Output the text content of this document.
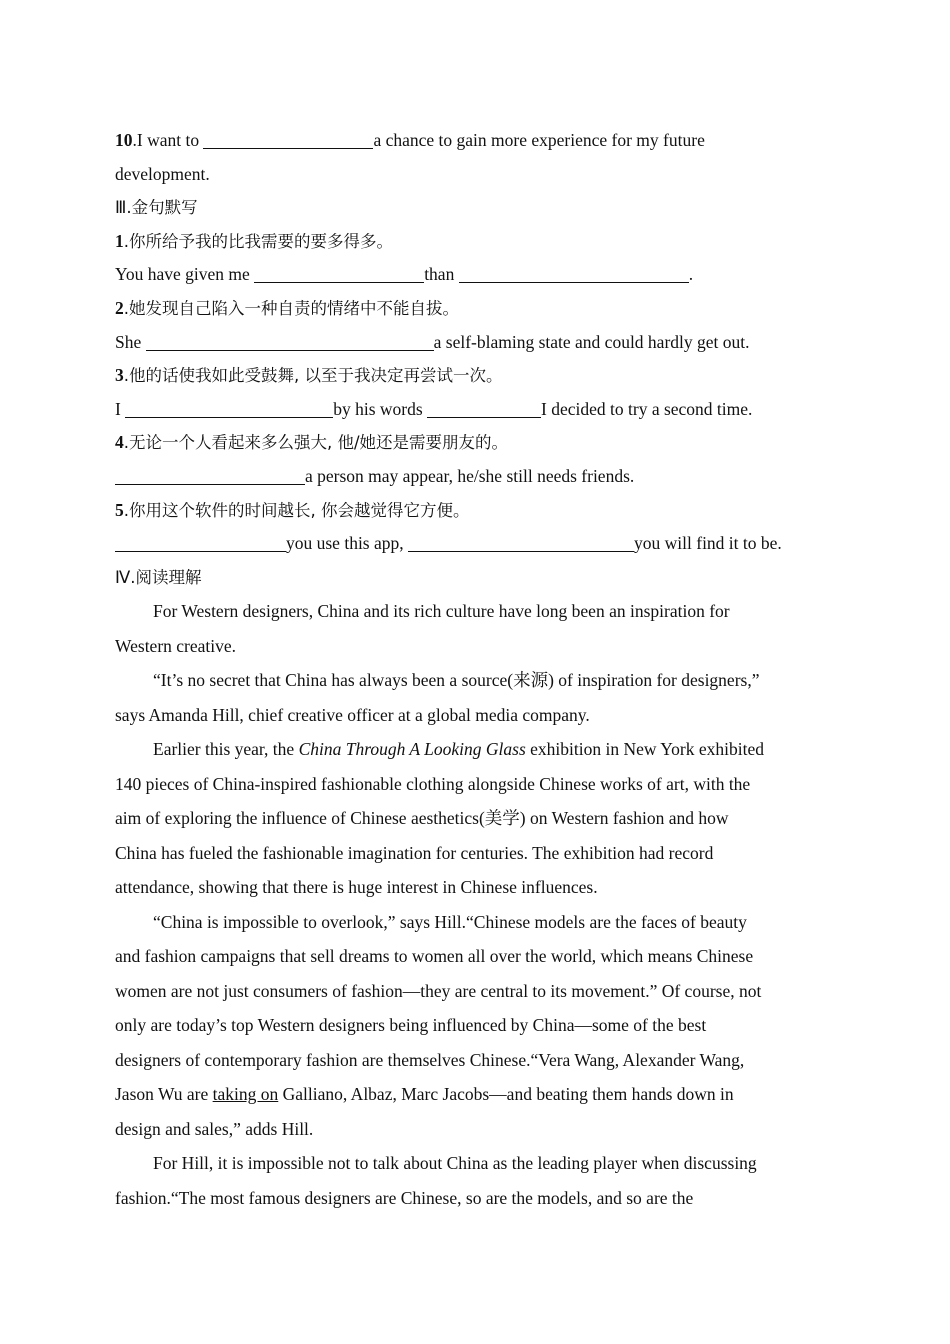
10.I want to	a chance to gain more experience for my future
development.
Ⅲ.金句默写
1.你所给予我的比我需要的要多得多。
You have given me	than	.
2.她发现自己陷入一种自责的情绪中不能自拔。
She	a self-blaming state and could hardly get out.
3.他的话使我如此受鼓舞, 以至于我决定再尝试一次。
I	by his words	I decided to try a second time.
4.无论一个人看起来多么强大, 他/她还是需要朋友的。
a person may appear, he/she still needs friends.
5.你用这个软件的时间越长, 你会越觉得它方便。
you use this app,	you will find it to be.
Ⅳ.阅读理解
For Western designers, China and its rich culture have long been an inspiration for
Western creative.
“It’s no secret that China has always been a source(来源) of inspiration for designers,”
says Amanda Hill, chief creative officer at a global media company.
Earlier this year, the China Through A Looking Glass exhibition in New York exhibited
140 pieces of China-inspired fashionable clothing alongside Chinese works of art, with the
aim of exploring the influence of Chinese aesthetics(美学) on Western fashion and how
China has fueled the fashionable imagination for centuries. The exhibition had record
attendance, showing that there is huge interest in Chinese influences.
“China is impossible to overlook,” says Hill.“Chinese models are the faces of beauty
and fashion campaigns that sell dreams to women all over the world, which means Chinese
women are not just consumers of fashion—they are central to its movement.” Of course, not
only are today’s top Western designers being influenced by China—some of the best
designers of contemporary fashion are themselves Chinese.“Vera Wang, Alexander Wang,
Jason Wu are taking on Galliano, Albaz, Marc Jacobs—and beating them hands down in
design and sales,” adds Hill.
For Hill, it is impossible not to talk about China as the leading player when discussing
fashion.“The most famous designers are Chinese, so are the models, and so are the
